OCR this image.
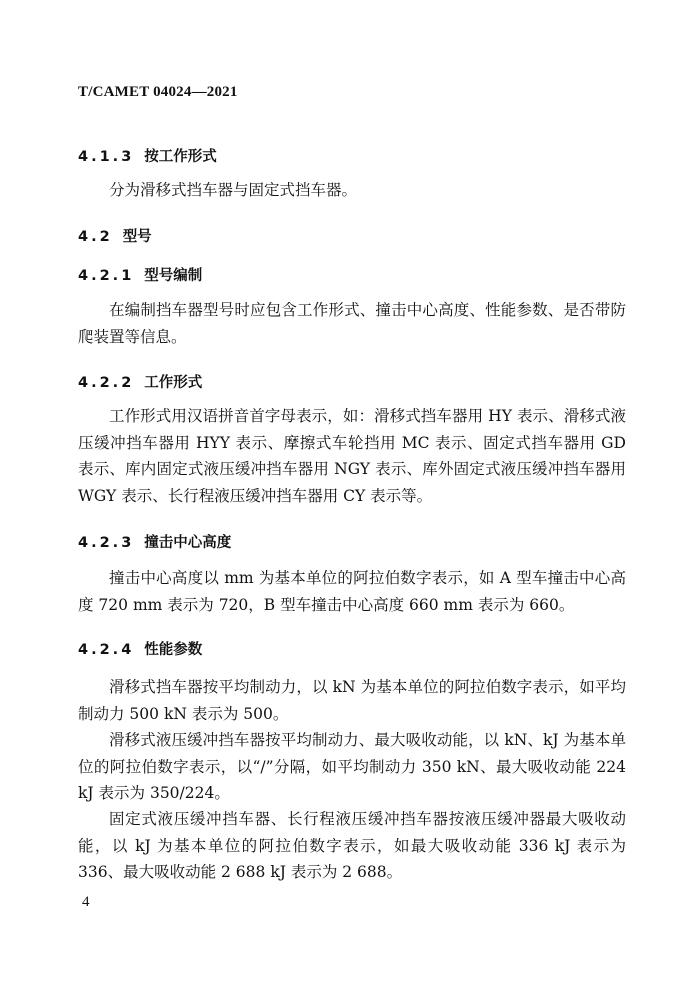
T/CAMET 04024—2021
4.1.3 按工作形式

分为滑移式挡车器与固定式挡车器。

4.2 型号
4.2.1 型号编制

在编制挡车器型号时应包含工作形式、撞击中心高度、性能参数、是否带防爬装置等信息。

4.2.2 工作形式

工作形式用汉语拼音首字母表示，如：滑移式挡车器用 HY 表示、滑移式液压缓冲挡车器用 HYY 表示、摩擦式车轮挡用 MC 表示、固定式挡车器用 GD 表示、库内固定式液压缓冲挡车器用 NGY 表示、库外固定式液压缓冲挡车器用 WGY 表示、长行程液压缓冲挡车器用 CY 表示等。

4.2.3 撞击中心高度

撞击中心高度以 mm 为基本单位的阿拉伯数字表示，如 A 型车撞击中心高度 720 mm 表示为 720，B 型车撞击中心高度 660 mm 表示为 660。

4.2.4 性能参数

滑移式挡车器按平均制动力，以 kN 为基本单位的阿拉伯数字表示，如平均制动力 500 kN 表示为 500。

滑移式液压缓冲挡车器按平均制动力、最大吸收动能，以 kN、kJ 为基本单位的阿拉伯数字表示，以“/”分隔，如平均制动力 350 kN、最大吸收动能 224 kJ 表示为 350/224。

固定式液压缓冲挡车器、长行程液压缓冲挡车器按液压缓冲器最大吸收动能，以 kJ 为基本单位的阿拉伯数字表示，如最大吸收动能 336 kJ 表示为 336、最大吸收动能 2 688 kJ 表示为 2 688。

4
